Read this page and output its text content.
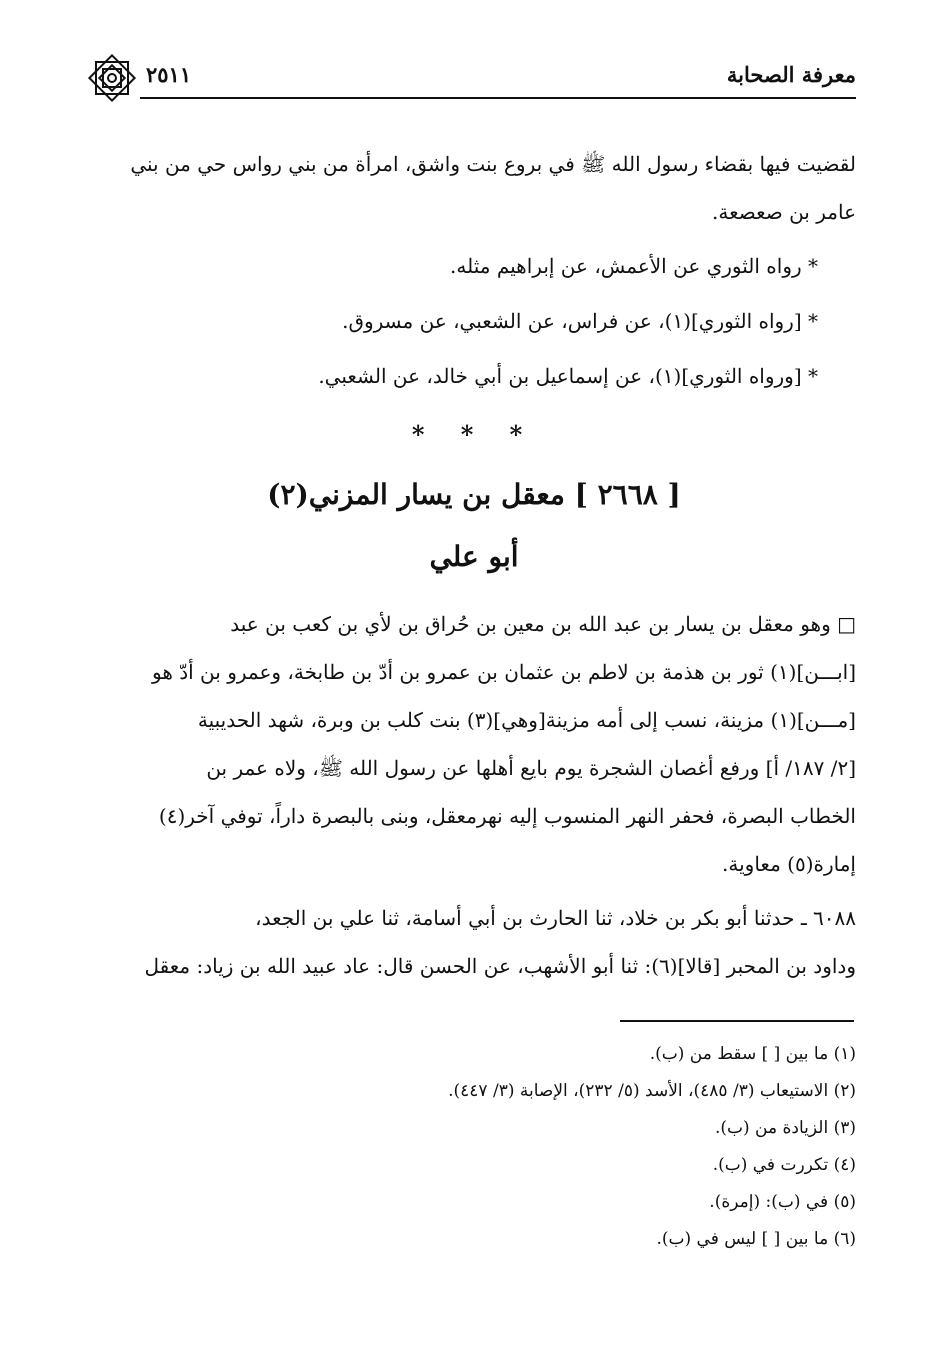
٢٥١١	معرفة الصحابة
لقضيت فيها بقضاء رسول الله ﷺ في بروع بنت واشق، امرأة من بني رواس حي من بني
عامر بن صعصعة.
* رواه الثوري عن الأعمش، عن إبراهيم مثله.
* [رواه الثوري](١)، عن فراس، عن الشعبي، عن مسروق.
* [ورواه الثوري](١)، عن إسماعيل بن أبي خالد، عن الشعبي.
* * *
[ ٢٦٦٨ ] معقل بن يسار المزني(٢)
أبو علي
□ وهو معقل بن يسار بن عبد الله بن معين بن حُراق بن لأي بن كعب بن عبد
[ابـــن](١) ثور بن هذمة بن لاطم بن عثمان بن عمرو بن أدّ بن طابخة، وعمرو بن أدّ هو
[مـــن](١) مزينة، نسب إلى أمه مزينة[وهي](٣) بنت كلب بن وبرة، شهد الحديبية
[٢/ ١٨٧/ أ] ورفع أغصان الشجرة يوم بايع أهلها عن رسول الله ﷺ، ولاه عمر بن
الخطاب البصرة، فحفر النهر المنسوب إليه نهرمعقل، وبنى بالبصرة داراً، توفي آخر(٤)
إمارة(٥) معاوية.
٦٠٨٨ ـ حدثنا أبو بكر بن خلاد، ثنا الحارث بن أبي أسامة، ثنا علي بن الجعد،
وداود بن المحبر [قالا](٦): ثنا أبو الأشهب، عن الحسن قال: عاد عبيد الله بن زياد: معقل
(١) ما بين [ ] سقط من (ب).
(٢) الاستيعاب (٣/ ٤٨٥)، الأسد (٥/ ٢٣٢)، الإصابة (٣/ ٤٤٧).
(٣) الزيادة من (ب).
(٤) تكررت في (ب).
(٥) في (ب): (إمرة).
(٦) ما بين [ ] ليس في (ب).
